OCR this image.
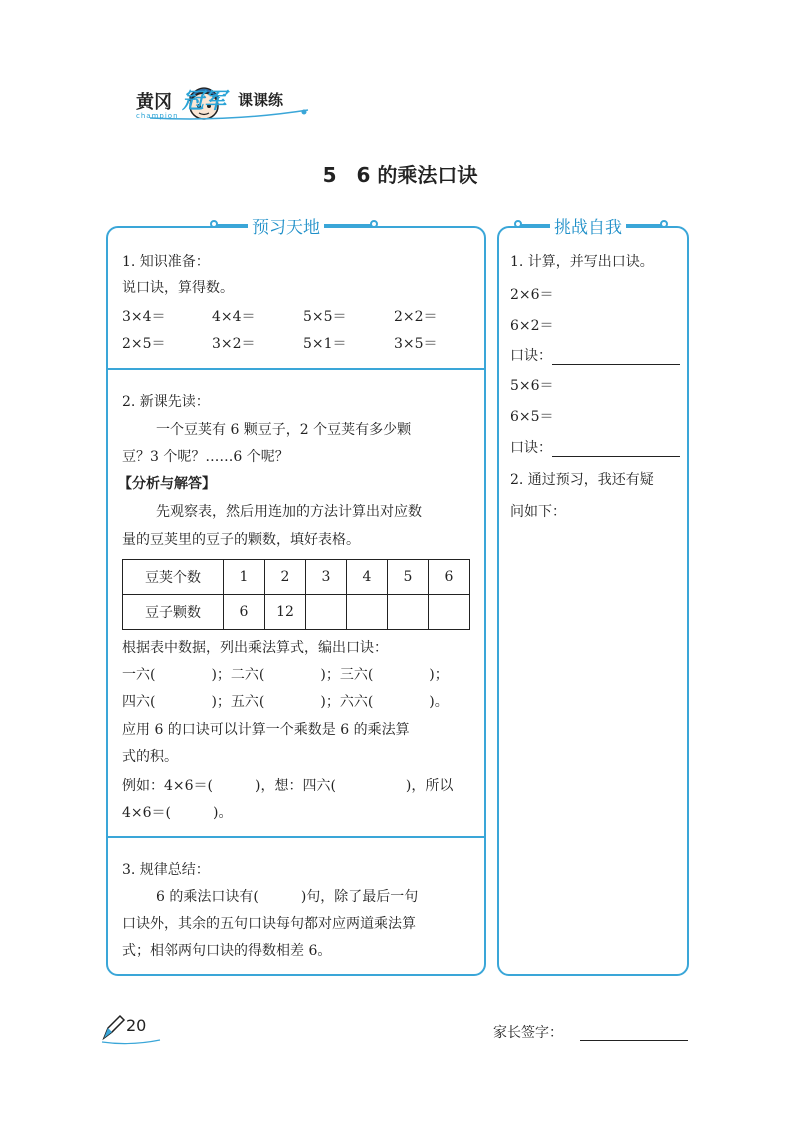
黄冈 冠军 课课练
champion
5　6 的乘法口诀
预习天地
1. 知识准备：
说口诀，算得数。
3×4＝	4×4＝	5×5＝	2×2＝
2×5＝	3×2＝	5×1＝	3×5＝
2. 新课先读：
一个豆荚有 6 颗豆子，2 个豆荚有多少颗
豆？3 个呢？……6 个呢？
【分析与解答】
先观察表，然后用连加的方法计算出对应数
量的豆荚里的豆子的颗数，填好表格。
豆荚个数	1	2	3	4	5	6
豆子颗数	6	12				
根据表中数据，列出乘法算式，编出口诀：
一六(　　　　)；二六(　　　　)；三六(　　　　)；
四六(　　　　)；五六(　　　　)；六六(　　　　)。
应用 6 的口诀可以计算一个乘数是 6 的乘法算
式的积。
例如：4×6＝(　　　)，想：四六(　　　　　)，所以
4×6＝(　　　)。
3. 规律总结：
6 的乘法口诀有(　　　)句，除了最后一句
口诀外，其余的五句口诀每句都对应两道乘法算
式；相邻两句口诀的得数相差 6。
挑战自我
1. 计算，并写出口诀。
2×6＝
6×2＝
口诀：
5×6＝
6×5＝
口诀：
2. 通过预习，我还有疑
问如下：
20	家长签字：
